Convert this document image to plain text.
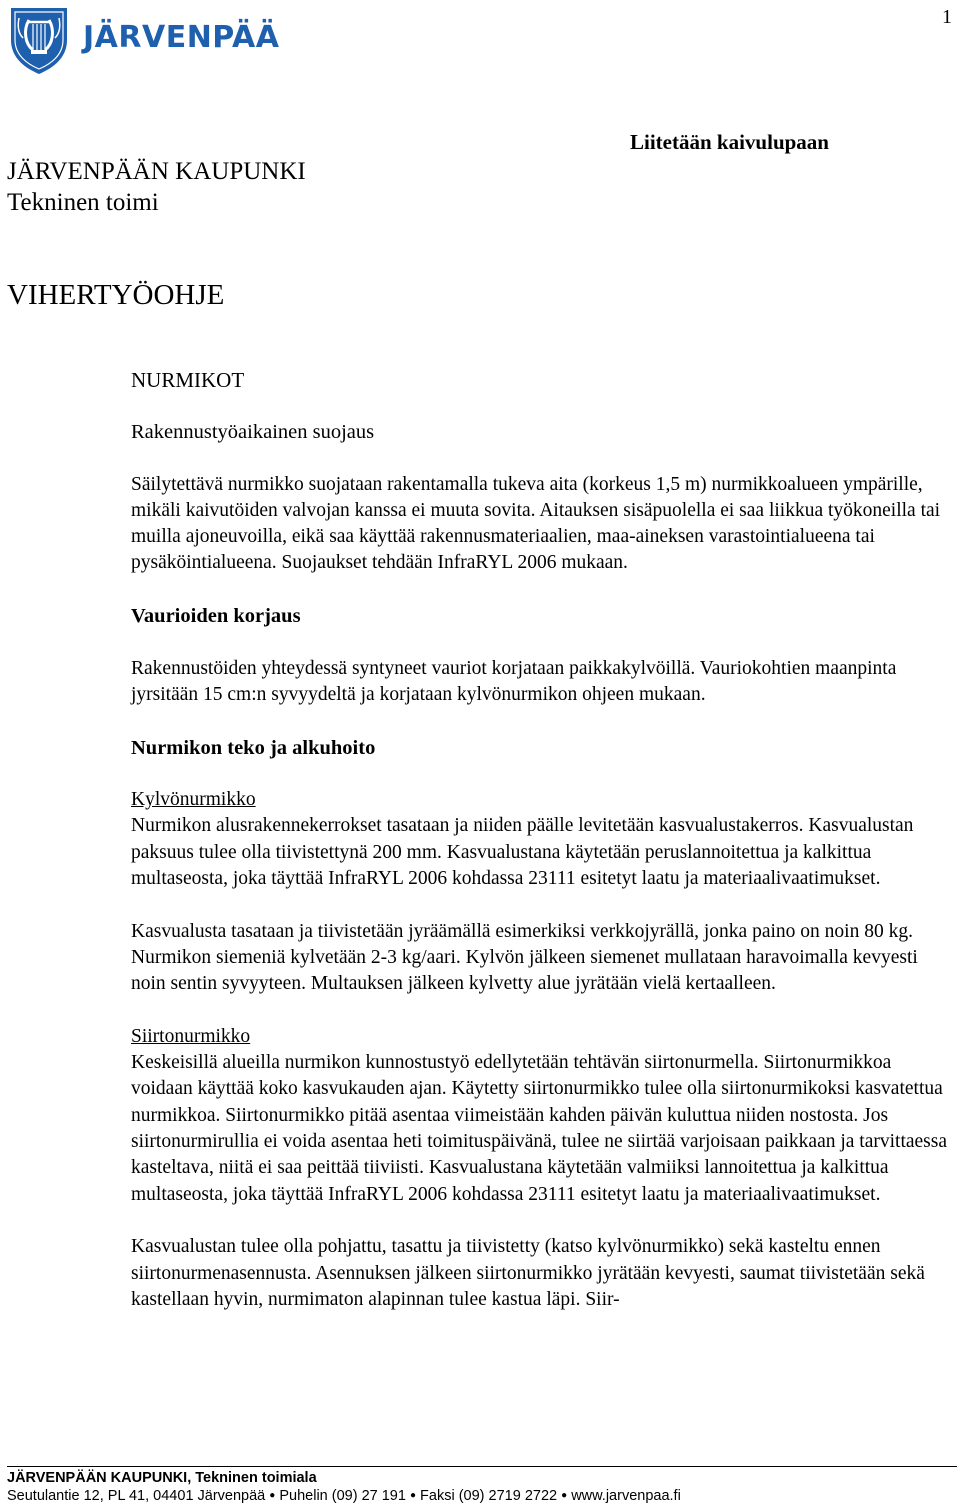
1
JÄRVENPÄÄ
JÄRVENPÄÄN KAUPUNKI
Tekninen toimi
Liitetään kaivulupaan
VIHERTYÖOHJE

NURMIKOT

Rakennustyöaikainen suojaus

Säilytettävä nurmikko suojataan rakentamalla tukeva aita (korkeus 1,5 m) nurmikkoalueen ympärille, mikäli kaivutöiden valvojan kanssa ei muuta sovita. Aitauksen sisäpuolella ei saa liikkua työkoneilla tai muilla ajoneuvoilla, eikä saa käyttää rakennusmateriaalien, maa-aineksen varastointialueena tai pysäköintialueena. Suojaukset tehdään InfraRYL 2006 mukaan.

Vaurioiden korjaus

Rakennustöiden yhteydessä syntyneet vauriot korjataan paikkakylvöillä. Vauriokohtien maanpinta jyrsitään 15 cm:n syvyydeltä ja korjataan kylvönurmikon ohjeen mukaan.

Nurmikon teko ja alkuhoito

Kylvönurmikko

Nurmikon alusrakennekerrokset tasataan ja niiden päälle levitetään kasvualustakerros. Kasvualustan paksuus tulee olla tiivistettynä 200 mm. Kasvualustana käytetään peruslannoitettua ja kalkittua multaseosta, joka täyttää InfraRYL 2006 kohdassa 23111 esitetyt laatu ja materiaalivaatimukset.

Kasvualusta tasataan ja tiivistetään jyräämällä esimerkiksi verkkojyrällä, jonka paino on noin 80 kg. Nurmikon siemeniä kylvetään 2-3 kg/aari. Kylvön jälkeen siemenet mullataan haravoimalla kevyesti noin sentin syvyyteen. Multauksen jälkeen kylvetty alue jyrätään vielä kertaalleen.

Siirtonurmikko

Keskeisillä alueilla nurmikon kunnostustyö edellytetään tehtävän siirtonurmella. Siirtonurmikkoa voidaan käyttää koko kasvukauden ajan. Käytetty siirtonurmikko tulee olla siirtonurmikoksi kasvatettua nurmikkoa. Siirtonurmikko pitää asentaa viimeistään kahden päivän kuluttua niiden nostosta. Jos siirtonurmirullia ei voida asentaa heti toimituspäivänä, tulee ne siirtää varjoisaan paikkaan ja tarvittaessa kasteltava, niitä ei saa peittää tiiviisti. Kasvualustana käytetään valmiiksi lannoitettua ja kalkittua multaseosta, joka täyttää InfraRYL 2006 kohdassa 23111 esitetyt laatu ja materiaalivaatimukset.

Kasvualustan tulee olla pohjattu, tasattu ja tiivistetty (katso kylvönurmikko) sekä kasteltu ennen siirtonurmenasennusta. Asennuksen jälkeen siirtonurmikko jyrätään kevyesti, saumat tiivistetään sekä kastellaan hyvin, nurmimaton alapinnan tulee kastua läpi. Siir-

JÄRVENPÄÄN KAUPUNKI, Tekninen toimiala
Seutulantie 12, PL 41, 04401 Järvenpää ● Puhelin (09) 27 191 ● Faksi (09) 2719 2722 ● www.jarvenpaa.fi
